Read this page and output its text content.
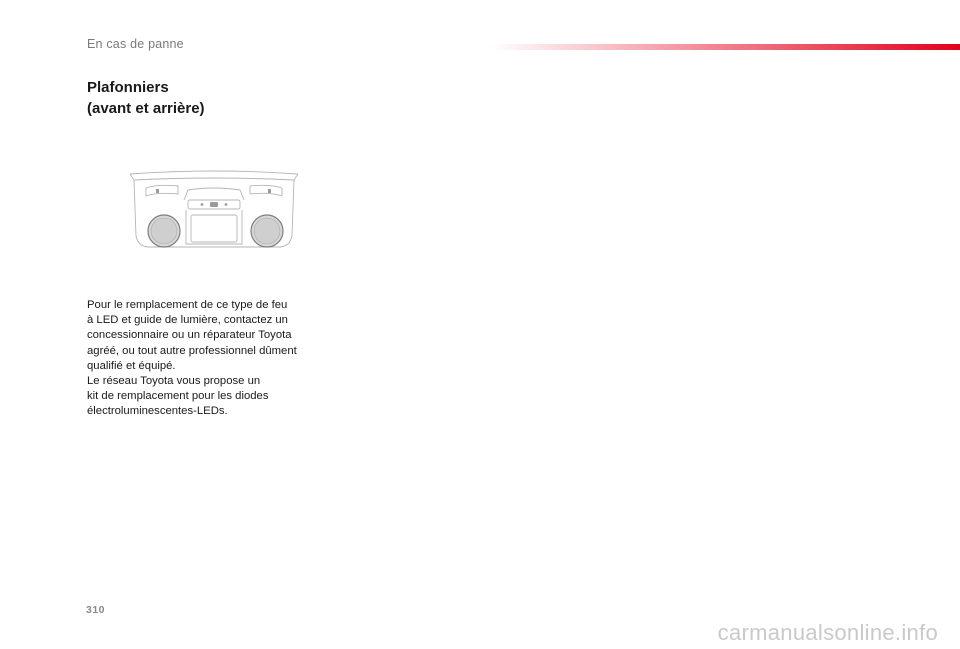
En cas de panne
Plafonniers
(avant et arrière)

Pour le remplacement de ce type de feu

à LED et guide de lumière, contactez un

concessionnaire ou un réparateur Toyota

agréé, ou tout autre professionnel dûment

qualifié et équipé.

Le réseau Toyota vous propose un

kit de remplacement pour les diodes

électroluminescentes-LEDs.

310
carmanualsonline.info
